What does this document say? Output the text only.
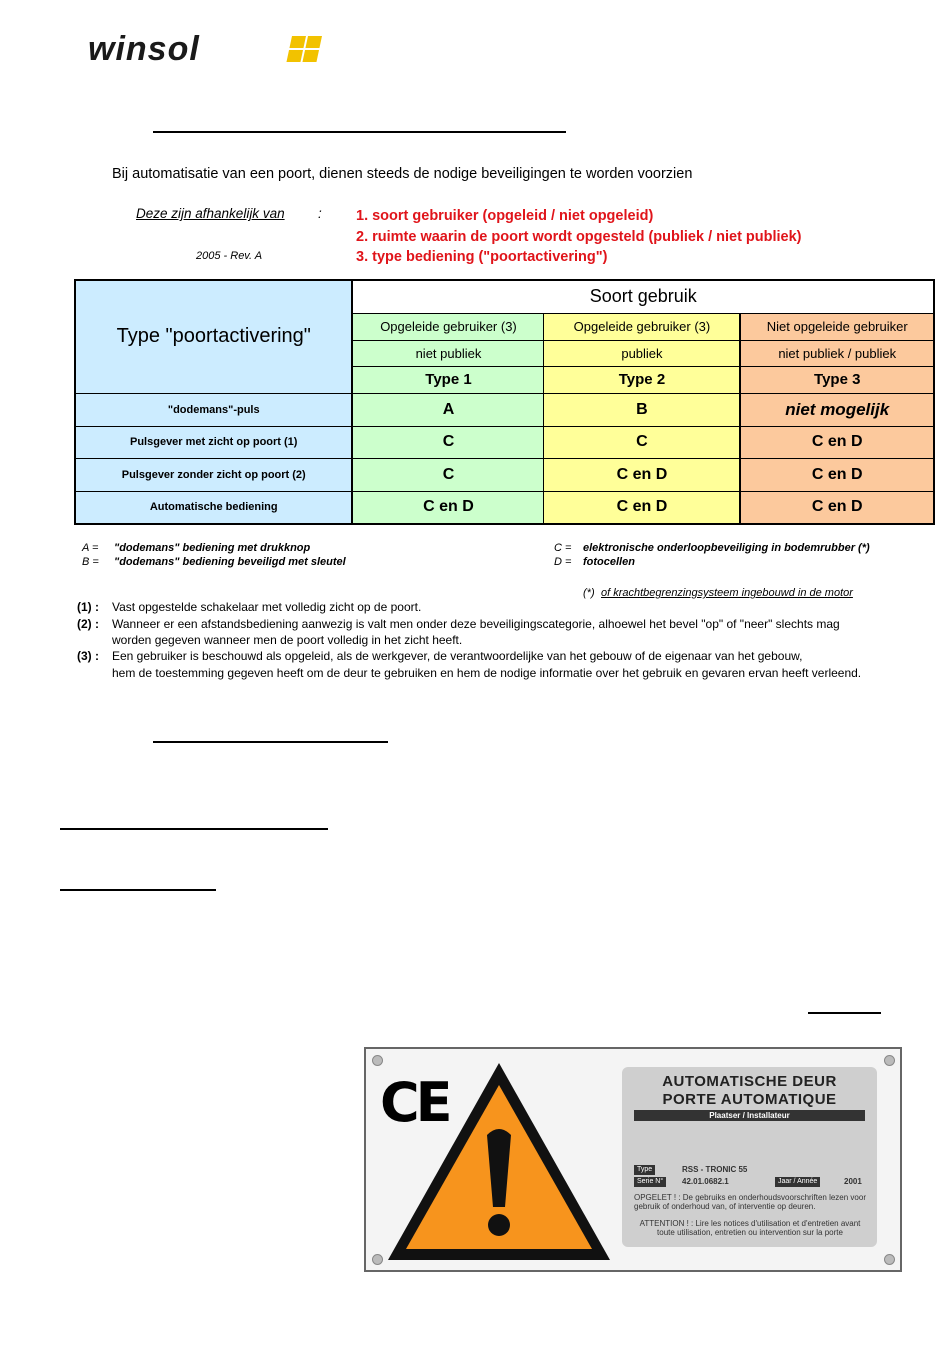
winsol
Bij automatisatie van een poort, dienen steeds de nodige beveiligingen te worden voorzien
Deze zijn afhankelijk van :
2005 - Rev. A
1. soort gebruiker (opgeleid / niet opgeleid)
2. ruimte waarin de poort wordt opgesteld (publiek / niet publiek)
3. type bediening ("poortactivering")
Type "poortactivering"	Soort gebruik		
	Opgeleide gebruiker (3)	Opgeleide gebruiker (3)	Niet opgeleide gebruiker
	niet publiek	publiek	niet publiek / publiek
	Type 1	Type 2	Type 3
"dodemans"-puls	A	B	niet mogelijk
Pulsgever met zicht op poort (1)	C	C	C en D
Pulsgever zonder zicht op poort (2)	C	C en D	C en D
Automatische bediening	C en D	C en D	C en D
A = "dodemans" bediening met drukknop
B = "dodemans" bediening beveiligd met sleutel
C = elektronische onderloopbeveiliging in bodemrubber (*)
D = fotocellen
(*) of krachtbegrenzingsysteem ingebouwd in de motor
(1) : Vast opgestelde schakelaar met volledig zicht op de poort.
(2) : Wanneer er een afstandsbediening aanwezig is valt men onder deze beveiligingscategorie, alhoewel het bevel "op" of "neer" slechts mag
worden gegeven wanneer men de poort volledig in het zicht heeft.
(3) : Een gebruiker is beschouwd als opgeleid, als de werkgever, de verantwoordelijke van het gebouw of de eigenaar van het gebouw,
hem de toestemming gegeven heeft om de deur te gebruiken en hem de nodige informatie over het gebruik en gevaren ervan heeft verleend.
CE	AUTOMATISCHE DEUR
PORTE AUTOMATIQUE
Plaatser / Installateur
Type	RSS - TRONIC 55
Serie N°	42.01.0682.1	Jaar / Année	2001
OPGELET ! : De gebruiks en onderhoudsvoorschriften lezen voor gebruik of onderhoud van, of interventie op deuren.
ATTENTION ! : Lire les notices d'utilisation et d'entretien avant toute utilisation, entretien ou intervention sur la porte
